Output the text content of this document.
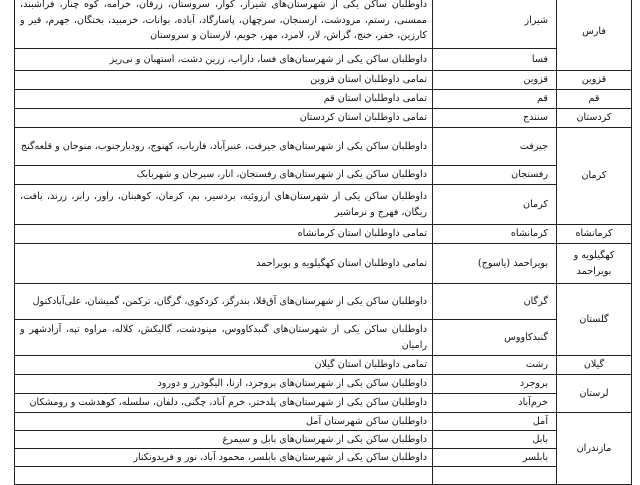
فارس	شیراز	داوطلبان ساکن یکی از شهرستان‌های شیراز، کوار، سروستان، زرقان، خرامه، کوه چنار، فراشبند، ممسنی، رستم، مرودشت، ارسنجان، سرچهان، پاسارگاد، آباده، بوانات، خرمبید، بختگان، جهرم، قیر و کارزین، خفر، خنج، گراش، لار، لامرد، مهر، جویم، لارستان و سروستان
	فسا	داوطلبان ساکن یکی از شهرستان‌های فسا، داراب، زرین دشت، استهبان و نی‌ریز
قزوین	قزوین	تمامی داوطلبان استان قزوین
قم	قم	تمامی داوطلبان استان قم
کردستان	سنندج	تمامی داوطلبان استان کردستان
کرمان	جیرفت	داوطلبان ساکن یکی از شهرستان‌های جیرفت، عنبرآباد، فاریاب، کهنوج، رودبارجنوب، منوجان و قلعه‌گنج
	رفسنجان	داوطلبان ساکن یکی از شهرستان‌های رفسنجان، انار، سیرجان و شهربابک
	کرمان	داوطلبان ساکن یکی از شهرستان‌های ارزوئیه، بردسیر، بم، کرمان، کوهبنان، راور، رابر، زرند، بافت، ریگان، فهرج و نرماشیر
کرمانشاه	کرمانشاه	تمامی داوطلبان استان کرمانشاه
کهگیلویه و بویراحمد	بویراحمد (یاسوج)	تمامی داوطلبان استان کهگیلویه و بویراحمد
گلستان	گرگان	داوطلبان ساکن یکی از شهرستان‌های آق‌قلا، بندرگز، کردکوی، گرگان، ترکمن، گمیشان، علی‌آبادکتول
	گنبدکاووس	داوطلبان ساکن یکی از شهرستان‌های گنبدکاووس، مینودشت، گالیکش، کلاله، مراوه تپه، آزادشهر و رامیان
گیلان	رشت	تمامی داوطلبان استان گیلان
لرستان	بروجرد	داوطلبان ساکن یکی از شهرستان‌های بروجرد، ازنا، الیگودرز و دورود
	خرم‌آباد	داوطلبان ساکن یکی از شهرستان‌های پلدختر، خرم آباد، چگنی، دلفان، سلسله، کوهدشت و رومشکان
مازندران	آمل	داوطلبان ساکن شهرستان آمل
	بابل	داوطلبان ساکن یکی از شهرستان‌های بابل و سیمرغ
	بابلسر	داوطلبان ساکن یکی از شهرستان‌های بابلسر، محمود آباد، نور و فریدونکنار
